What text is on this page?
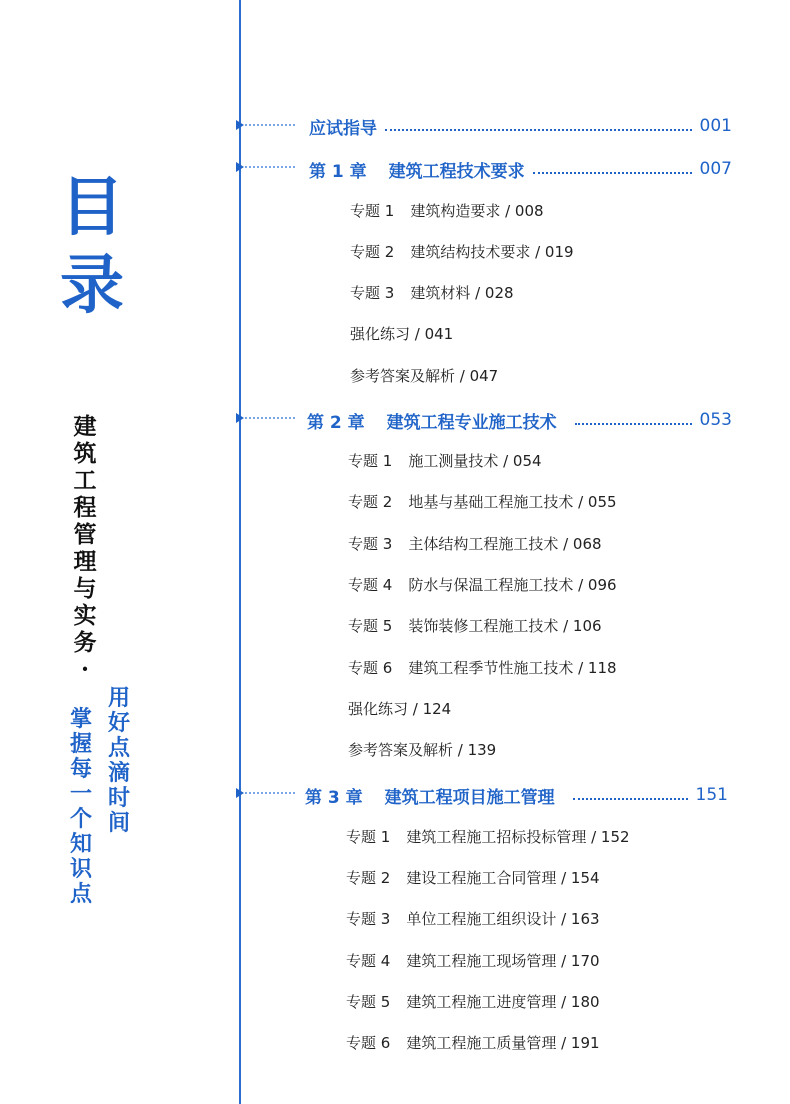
目
录
建
筑
工
程
管
理
与
实
务
·
用
好
点
滴
时
间
掌
握
每
一
个
知
识
点
应试指导	001
第 1 章 建筑工程技术要求	007
专题 1 建筑构造要求 / 008
专题 2 建筑结构技术要求 / 019
专题 3 建筑材料 / 028
强化练习 / 041
参考答案及解析 / 047
第 2 章 建筑工程专业施工技术	053
专题 1 施工测量技术 / 054
专题 2 地基与基础工程施工技术 / 055
专题 3 主体结构工程施工技术 / 068
专题 4 防水与保温工程施工技术 / 096
专题 5 装饰装修工程施工技术 / 106
专题 6 建筑工程季节性施工技术 / 118
强化练习 / 124
参考答案及解析 / 139
第 3 章 建筑工程项目施工管理	151
专题 1 建筑工程施工招标投标管理 / 152
专题 2 建设工程施工合同管理 / 154
专题 3 单位工程施工组织设计 / 163
专题 4 建筑工程施工现场管理 / 170
专题 5 建筑工程施工进度管理 / 180
专题 6 建筑工程施工质量管理 / 191
